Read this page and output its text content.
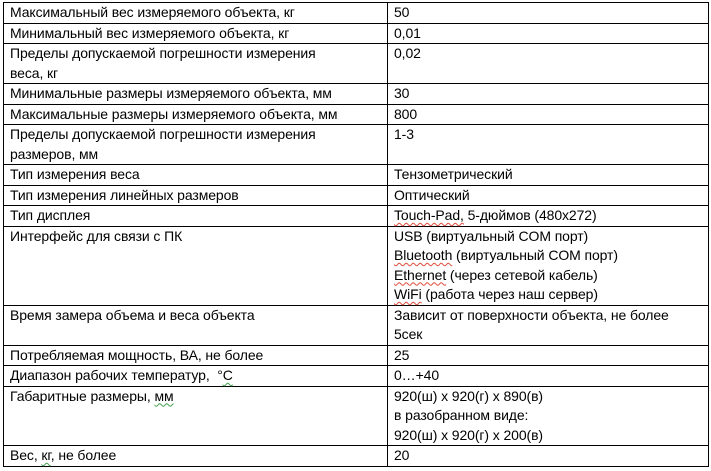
Максимальный вес измеряемого объекта, кг	50

Минимальный вес измеряемого объекта, кг	0,01

Пределы допускаемой погрешности измерения
веса, кг	0,02

Минимальные размеры измеряемого объекта, мм	30

Максимальные размеры измеряемого объекта, мм	800

Пределы допускаемой погрешности измерения
размеров, мм	1-3

Тип измерения веса	Тензометрический

Тип измерения линейных размеров	Оптический

Тип дисплея	Touch-Pad, 5-дюймов (480x272)

Интерфейс для связи с ПК	USB (виртуальный COM порт)
Bluetooth (виртуальный COM порт)
Ethernet (через сетевой кабель)
WiFi (работа через наш сервер)

Время замера объема и веса объекта	Зависит от поверхности объекта, не более
5сек

Потребляемая мощность, ВА, не более	25

Диапазон рабочих температур,  °С	0…+40

Габаритные размеры, мм	920(ш) х 920(г) х 890(в)
в разобранном виде:
920(ш) х 920(г) х 200(в)

Вес, кг, не более	20
